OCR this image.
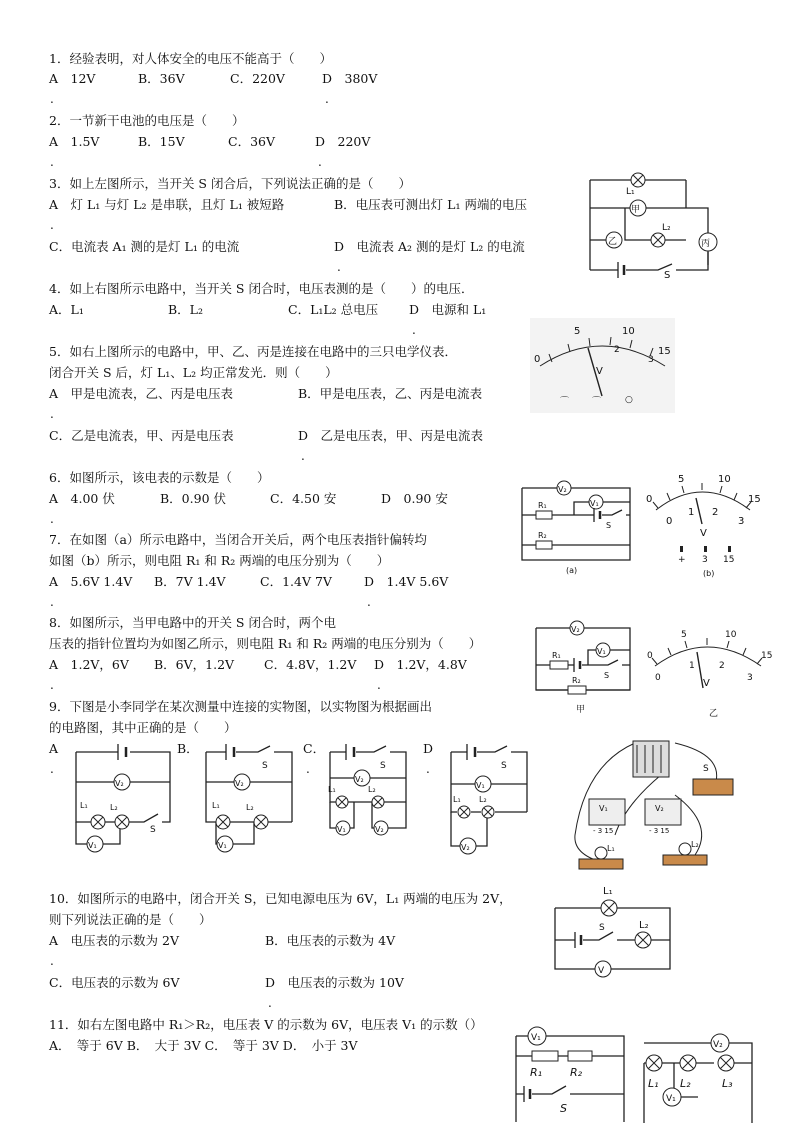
1．经验表明，对人体安全的电压不能高于（　　）
A　12V	B．36V	C．220V	D　380V
.	.
2．一节新干电池的电压是（　　）
A　1.5V	B．15V	C．36V	D　220V
.	.
3．如上左图所示，当开关 S 闭合后，下列说法正确的是（　　）
A　灯 L₁ 与灯 L₂ 是串联，且灯 L₁ 被短路	B．电压表可测出灯 L₁ 两端的电压
.
C．电流表 A₁ 测的是灯 L₁ 的电流	D　电流表 A₂ 测的是灯 L₂ 的电流
.
4．如上右图所示电路中，当开关 S 闭合时，电压表测的是（　　）的电压．
A．L₁	B．L₂	C．L₁L₂ 总电压 D　电源和 L₁
.
5．如右上图所示的电路中，甲、乙、丙是连接在电路中的三只电学仪表．
闭合开关 S 后，灯 L₁、L₂ 均正常发光．则（　　）
A　甲是电流表，乙、丙是电压表	B．甲是电压表，乙、丙是电流表
.
C．乙是电流表，甲、丙是电压表	D　乙是电压表，甲、丙是电流表
.
6．如图所示，该电表的示数是（　　）
A　4.00 伏	B．0.90 伏	C．4.50 安	D　0.90 安
.
7．在如图（a）所示电路中，当闭合开关后，两个电压表指针偏转均
如图（b）所示，则电阻 R₁ 和 R₂ 两端的电压分别为（　　）
A　5.6V 1.4V B．7V 1.4V	C．1.4V 7V	D　1.4V 5.6V
.	.
8．如图所示，当甲电路中的开关 S 闭合时，两个电
压表的指针位置均为如图乙所示，则电阻 R₁ 和 R₂ 两端的电压分别为（　　）
A　1.2V，6V B．6V，1.2V C．4.8V，1.2V D　1.2V，4.8V
.	.
9．下图是小李同学在某次测量中连接的实物图，以实物图为根据画出
的电路图，其中正确的是（　　）
A
.
B．	C．
.
D
.
10．如图所示的电路中，闭合开关 S，已知电源电压为 6V，L₁ 两端的电压为 2V，
则下列说法正确的是（　　）
A　电压表的示数为 2V	B．电压表的示数为 4V
.
C．电压表的示数为 6V	D　电压表的示数为 10V
.
11．如右左图电路中 R₁＞R₂，电压表 V 的示数为 6V，电压表 V₁ 的示数（）
A．　等于 6V B．　大于 3V C．　等于 3V D．　小于 3V
L₁
甲
乙
L₂
丙
S
5	10
15
0
2
3
V
⌒	⌒	○
V₂
V₁
R₁
R₂
S
(a)
0
5	10
15
0
1 2
3
V
+ 3 15
(b)
V₂
V₁
R₁
R₂
S
甲
0
5	10
15
0
1	2
3
V
乙
V₂
L₁	L₂
S
V₁
S
V₂
L₁	L₂
V₁
S
V₂
L₁	L₂
V₁	V₂
S
V₁
L₁ L₂
V₂
S
V₁
- 3 15
V₂
- 3 15
L₁	L₂
L₁
S	L₂
V
V₁
R₁	R₂
S
V₂
L₁ L₂	L₃
V₁
